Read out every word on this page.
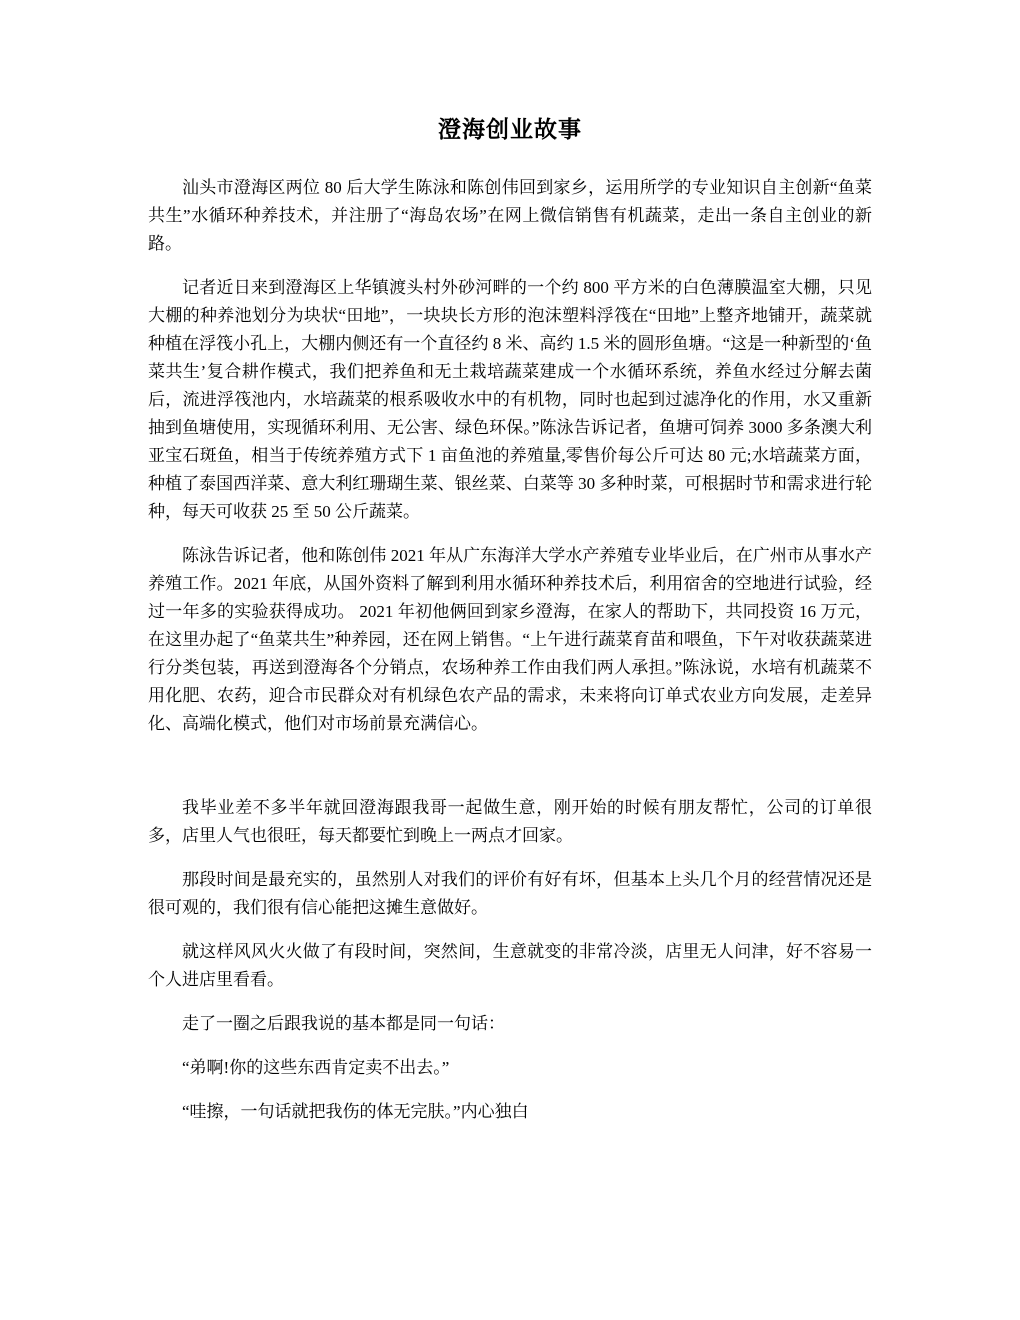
澄海创业故事

汕头市澄海区两位 80 后大学生陈泳和陈创伟回到家乡，运用所学的专业知识自主创新“鱼菜共生”水循环种养技术，并注册了“海岛农场”在网上微信销售有机蔬菜，走出一条自主创业的新路。

记者近日来到澄海区上华镇渡头村外砂河畔的一个约 800 平方米的白色薄膜温室大棚，只见大棚的种养池划分为块状“田地”，一块块长方形的泡沫塑料浮筏在“田地”上整齐地铺开，蔬菜就种植在浮筏小孔上，大棚内侧还有一个直径约 8 米、高约 1.5 米的圆形鱼塘。“这是一种新型的‘鱼菜共生’复合耕作模式，我们把养鱼和无土栽培蔬菜建成一个水循环系统，养鱼水经过分解去菌后，流进浮筏池内，水培蔬菜的根系吸收水中的有机物，同时也起到过滤净化的作用，水又重新抽到鱼塘使用，实现循环利用、无公害、绿色环保。”陈泳告诉记者，鱼塘可饲养 3000 多条澳大利亚宝石斑鱼，相当于传统养殖方式下 1 亩鱼池的养殖量,零售价每公斤可达 80 元;水培蔬菜方面，种植了泰国西洋菜、意大利红珊瑚生菜、银丝菜、白菜等 30 多种时菜，可根据时节和需求进行轮种，每天可收获 25 至 50 公斤蔬菜。

陈泳告诉记者，他和陈创伟 2021 年从广东海洋大学水产养殖专业毕业后，在广州市从事水产养殖工作。2021 年底，从国外资料了解到利用水循环种养技术后，利用宿舍的空地进行试验，经过一年多的实验获得成功。 2021 年初他俩回到家乡澄海，在家人的帮助下，共同投资 16 万元，在这里办起了“鱼菜共生”种养园，还在网上销售。“上午进行蔬菜育苗和喂鱼，下午对收获蔬菜进行分类包装，再送到澄海各个分销点，农场种养工作由我们两人承担。”陈泳说，水培有机蔬菜不用化肥、农药，迎合市民群众对有机绿色农产品的需求，未来将向订单式农业方向发展，走差异化、高端化模式，他们对市场前景充满信心。

我毕业差不多半年就回澄海跟我哥一起做生意，刚开始的时候有朋友帮忙，公司的订单很多，店里人气也很旺，每天都要忙到晚上一两点才回家。

那段时间是最充实的，虽然别人对我们的评价有好有坏，但基本上头几个月的经营情况还是很可观的，我们很有信心能把这摊生意做好。

就这样风风火火做了有段时间，突然间，生意就变的非常冷淡，店里无人问津，好不容易一个人进店里看看。

走了一圈之后跟我说的基本都是同一句话：

“弟啊!你的这些东西肯定卖不出去。”

“哇擦，一句话就把我伤的体无完肤。”内心独白
